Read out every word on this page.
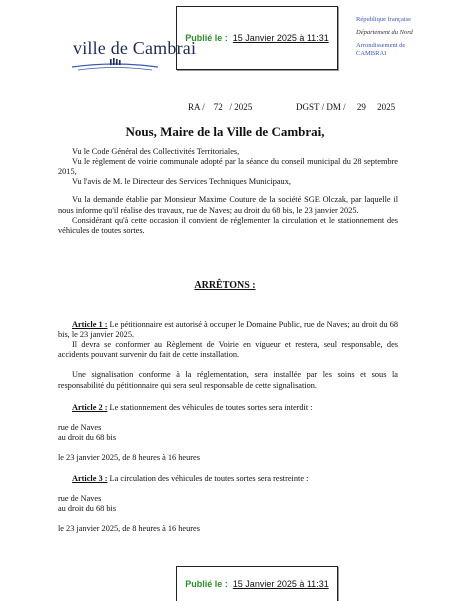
Publié le : 15 Janvier 2025 à 11:31
ville de Cambrai
République française
Département du Nord
Arrondissement de
CAMBRAI
RA /    72   / 2025	DGST / DM /     29     2025
Nous, Maire de la Ville de Cambrai,

Vu le Code Général des Collectivités Territoriales,

Vu le règlement de voirie communale adopté par la séance du conseil municipal du 28 septembre 2015,

Vu l'avis de M. le Directeur des Services Techniques Municipaux,

Vu la demande établie par Monsieur Maxime Couture de la société SGE Olczak, par laquelle il nous informe qu'il réalise des travaux, rue de Naves; au droit du 68 bis, le 23 janvier 2025.

Considérant qu'à cette occasion il convient de réglementer la circulation et le stationnement des véhicules de toutes sortes.

ARRÊTONS :

Article 1 : Le pétitionnaire est autorisé à occuper le Domaine Public, rue de Naves; au droit du 68 bis, le 23 janvier 2025.

Il devra se conformer au Règlement de Voirie en vigueur et restera, seul responsable, des accidents pouvant survenir du fait de cette installation.

Une signalisation conforme à la réglementation, sera installée par les soins et sous la responsabilité du pétitionnaire qui sera seul responsable de cette signalisation.

Article 2 : Le stationnement des véhicules de toutes sortes sera interdit :

rue de Naves

au droit du 68 bis

le 23 janvier 2025, de 8 heures à 16 heures

Article 3 : La circulation des véhicules de toutes sortes sera restreinte :

rue de Naves

au droit du 68 bis

le 23 janvier 2025, de 8 heures à 16 heures

Publié le : 15 Janvier 2025 à 11:31
